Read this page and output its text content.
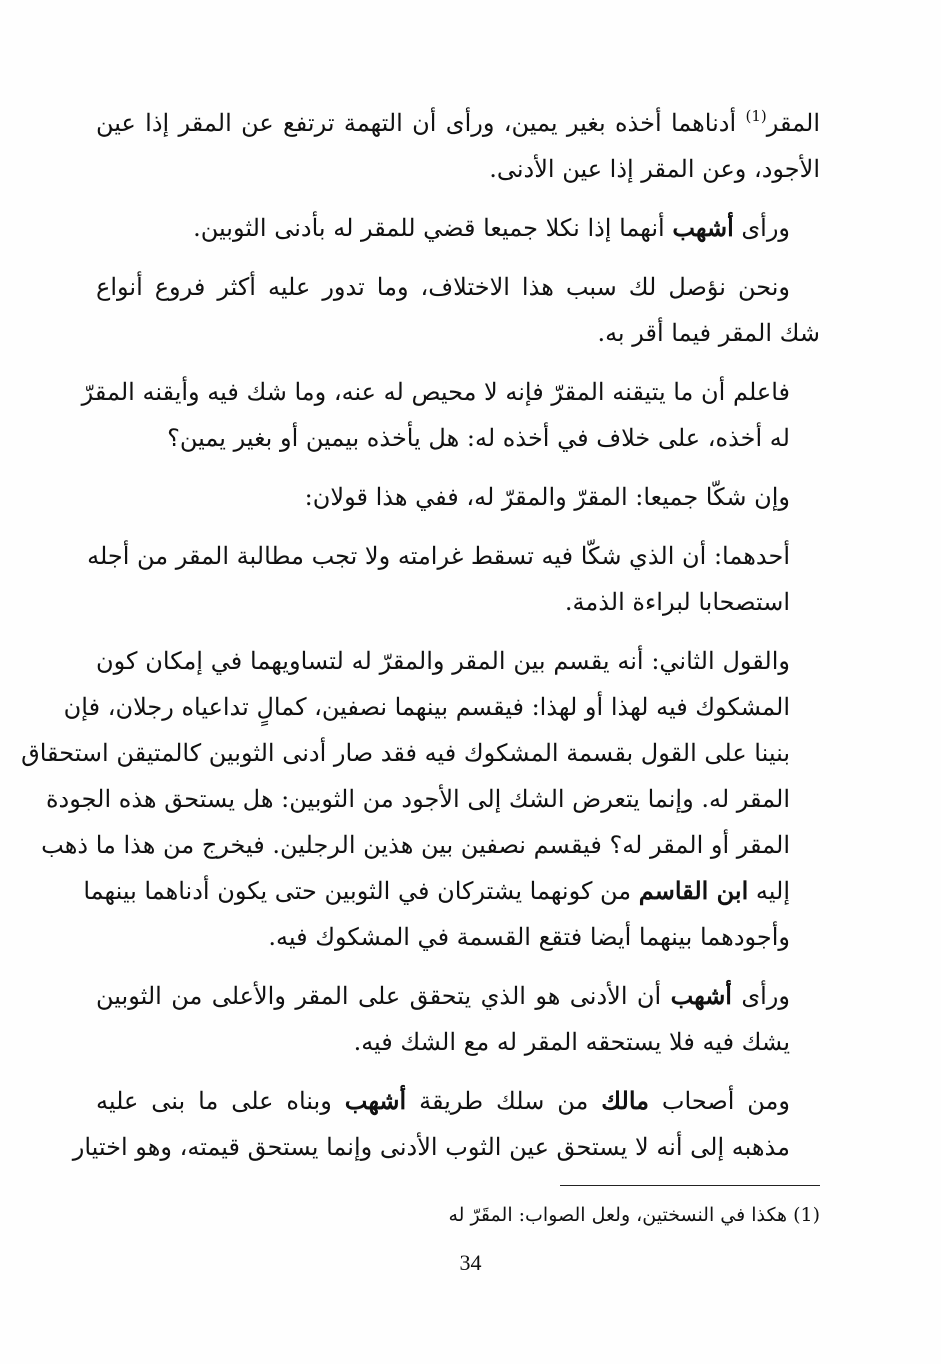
المقر$^{(1)}$ أدناهما أخذه بغير يمين، ورأى أن التهمة ترتفع عن المقر إذا عين
الأجود، وعن المقر إذا عين الأدنى.

ورأى أشهب أنهما إذا نكلا جميعا قضي للمقر له بأدنى الثوبين.

ونحن نؤصل لك سبب هذا الاختلاف، وما تدور عليه أكثر فروع أنواع
شك المقر فيما أقر به.

فاعلم أن ما يتيقنه المقرّ فإنه لا محيص له عنه، وما شك فيه وأيقنه المقرّ
له أخذه، على خلاف في أخذه له: هل يأخذه بيمين أو بغير يمين؟

وإن شكّا جميعا: المقرّ والمقرّ له، ففي هذا قولان:

أحدهما: أن الذي شكّا فيه تسقط غرامته ولا تجب مطالبة المقر من أجله
استصحابا لبراءة الذمة.

والقول الثاني: أنه يقسم بين المقر والمقرّ له لتساويهما في إمكان كون
المشكوك فيه لهذا أو لهذا: فيقسم بينهما نصفين، كمالٍ تداعياه رجلان، فإن
بنينا على القول بقسمة المشكوك فيه فقد صار أدنى الثوبين كالمتيقن استحقاق
المقر له. وإنما يتعرض الشك إلى الأجود من الثوبين: هل يستحق هذه الجودة
المقر أو المقر له؟ فيقسم نصفين بين هذين الرجلين. فيخرج من هذا ما ذهب
إليه ابن القاسم من كونهما يشتركان في الثوبين حتى يكون أدناهما بينهما
وأجودهما بينهما أيضا فتقع القسمة في المشكوك فيه.

ورأى أشهب أن الأدنى هو الذي يتحقق على المقر والأعلى من الثوبين
يشك فيه فلا يستحقه المقر له مع الشك فيه.

ومن أصحاب مالك من سلك طريقة أشهب وبناه على ما بنى عليه
مذهبه إلى أنه لا يستحق عين الثوب الأدنى وإنما يستحق قيمته، وهو اختيار

(1) هكذا في النسختين، ولعل الصواب: المقَرّ له
34
